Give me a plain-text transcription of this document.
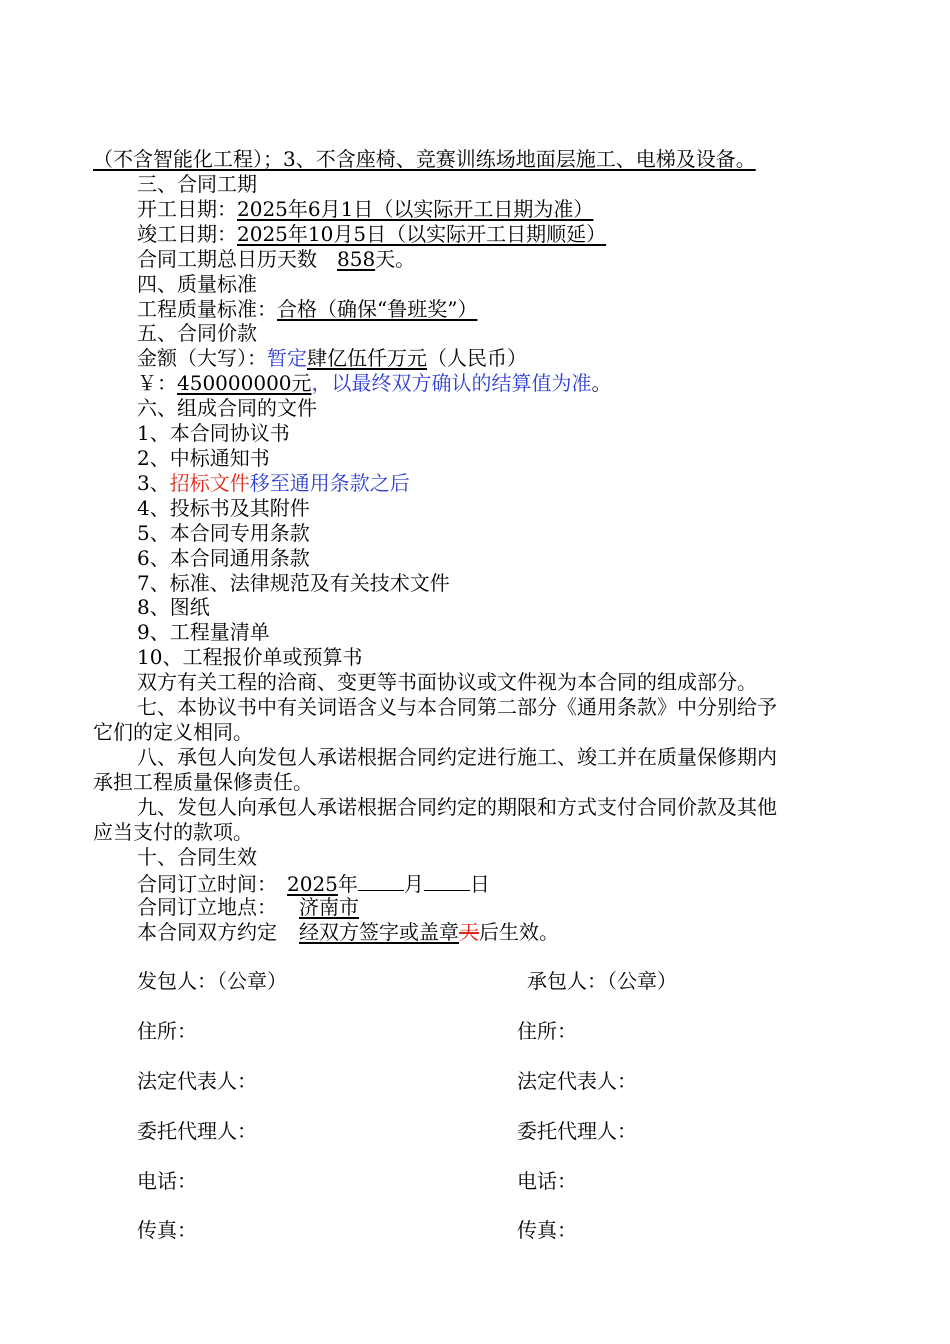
（不含智能化工程）；3、不含座椅、竞赛训练场地面层施工、电梯及设备。
三、合同工期
开工日期：2025年6月1日（以实际开工日期为准）
竣工日期：2025年10月5日（以实际开工日期顺延）
合同工期总日历天数 858天。
四、质量标准
工程质量标准：合格（确保“鲁班奖”）
五、合同价款
金额（大写）：暂定肆亿伍仟万元（人民币）
￥：450000000元，以最终双方确认的结算值为准。
六、组成合同的文件
1、本合同协议书
2、中标通知书
3、招标文件移至通用条款之后
4、投标书及其附件
5、本合同专用条款
6、本合同通用条款
7、标准、法律规范及有关技术文件
8、图纸
9、工程量清单
10、工程报价单或预算书
双方有关工程的洽商、变更等书面协议或文件视为本合同的组成部分。
七、本协议书中有关词语含义与本合同第二部分《通用条款》中分别给予
它们的定义相同。
八、承包人向发包人承诺根据合同约定进行施工、竣工并在质量保修期内
承担工程质量保修责任。
九、发包人向承包人承诺根据合同约定的期限和方式支付合同价款及其他
应当支付的款项。
十、合同生效
合同订立时间： 2025年 月 日
合同订立地点： 济南市
本合同双方约定 经双方签字或盖章天后生效。
发包人：（公章）	承包人：（公章）
住所：	住所：
法定代表人：	法定代表人：
委托代理人：	委托代理人：
电话：	电话：
传真：	传真：
